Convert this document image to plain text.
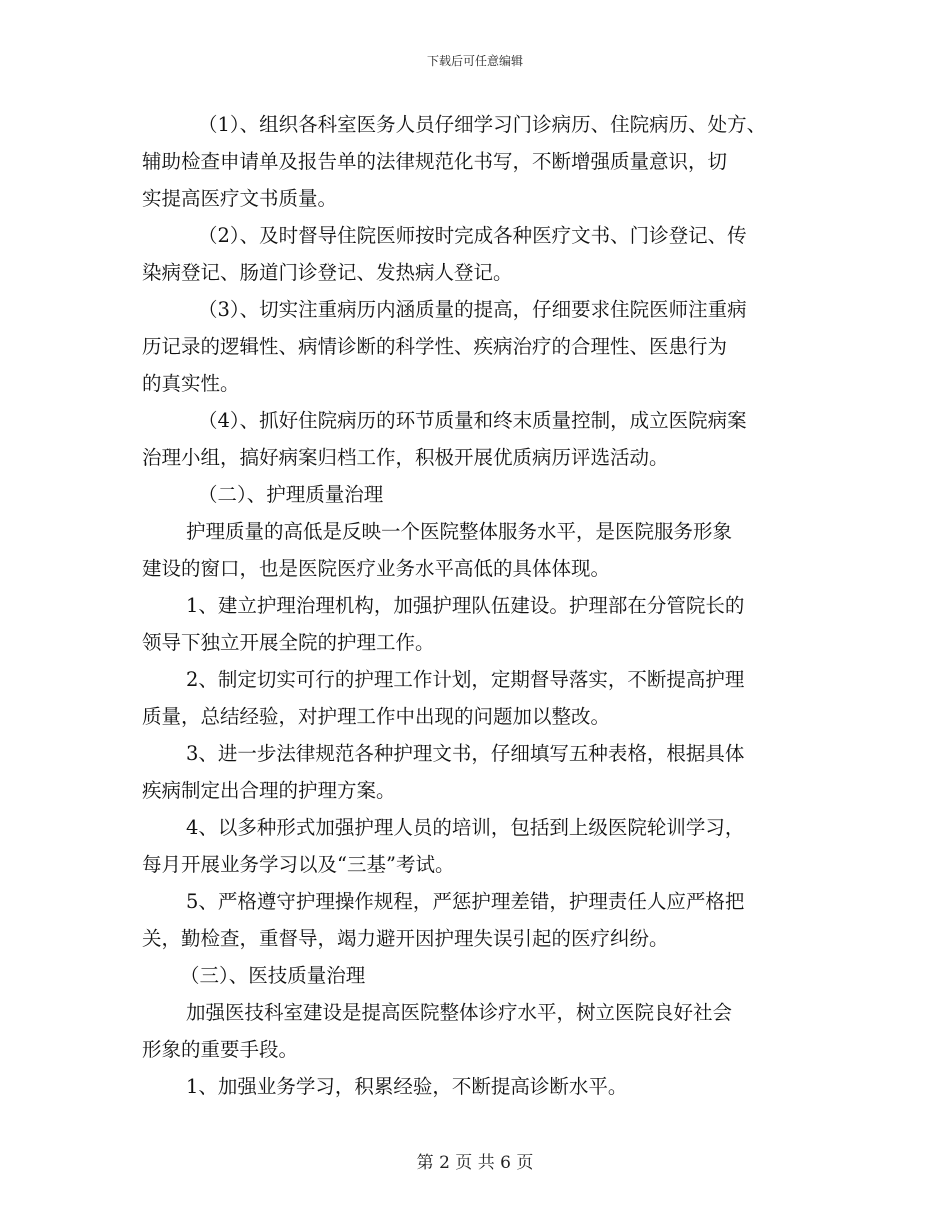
下载后可任意编辑
（1）、组织各科室医务人员仔细学习门诊病历、住院病历、处方、
辅助检查申请单及报告单的法律规范化书写，不断增强质量意识，切
实提高医疗文书质量。
（2）、及时督导住院医师按时完成各种医疗文书、门诊登记、传
染病登记、肠道门诊登记、发热病人登记。
（3）、切实注重病历内涵质量的提高，仔细要求住院医师注重病
历记录的逻辑性、病情诊断的科学性、疾病治疗的合理性、医患行为
的真实性。
（4）、抓好住院病历的环节质量和终末质量控制，成立医院病案
治理小组，搞好病案归档工作，积极开展优质病历评选活动。
（二）、护理质量治理
护理质量的高低是反映一个医院整体服务水平，是医院服务形象
建设的窗口，也是医院医疗业务水平高低的具体体现。
1、建立护理治理机构，加强护理队伍建设。护理部在分管院长的
领导下独立开展全院的护理工作。
2、制定切实可行的护理工作计划，定期督导落实，不断提高护理
质量，总结经验，对护理工作中出现的问题加以整改。
3、进一步法律规范各种护理文书，仔细填写五种表格，根据具体
疾病制定出合理的护理方案。
4、以多种形式加强护理人员的培训，包括到上级医院轮训学习，
每月开展业务学习以及“三基”考试。
5、严格遵守护理操作规程，严惩护理差错，护理责任人应严格把
关，勤检查，重督导，竭力避开因护理失误引起的医疗纠纷。
（三）、医技质量治理
加强医技科室建设是提高医院整体诊疗水平，树立医院良好社会
形象的重要手段。
1、加强业务学习，积累经验，不断提高诊断水平。
第 2 页 共 6 页
